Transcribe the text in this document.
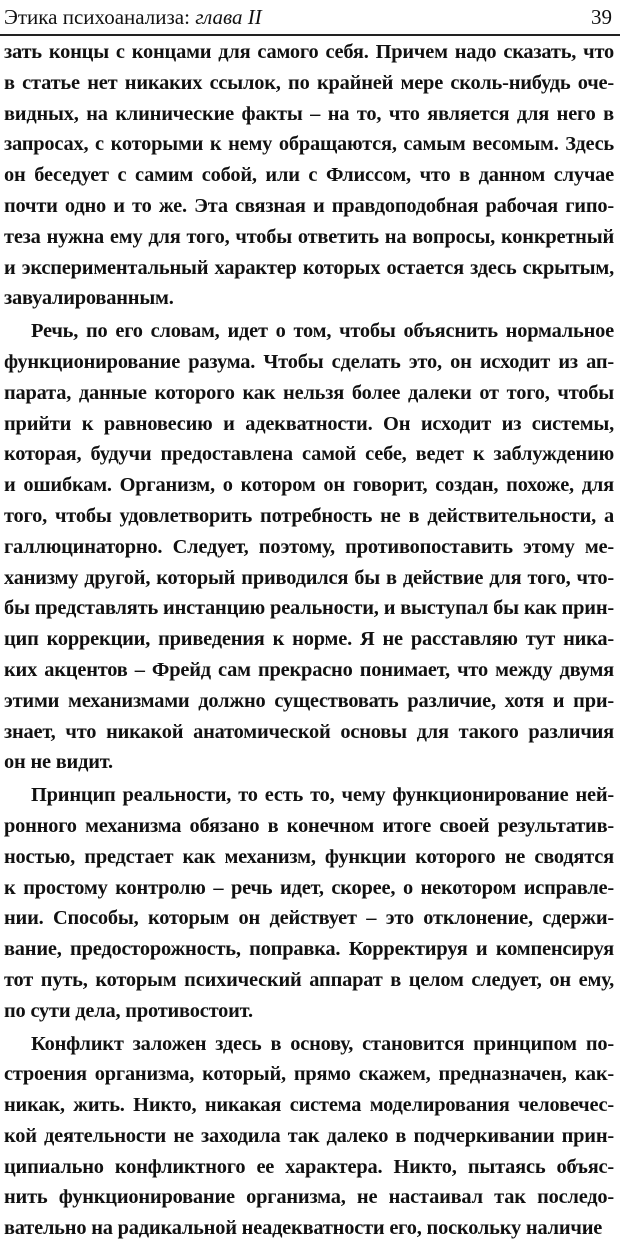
Этика психоанализа: глава II	39
зать концы с концами для самого себя. Причем надо сказать, что
в статье нет никаких ссылок, по крайней мере сколь-нибудь оче-
видных, на клинические факты – на то, что является для него в
запросах, с которыми к нему обращаются, самым весомым. Здесь
он беседует с самим собой, или с Флиссом, что в данном случае
почти одно и то же. Эта связная и правдоподобная рабочая гипо-
теза нужна ему для того, чтобы ответить на вопросы, конкретный
и экспериментальный характер которых остается здесь скрытым,
завуалированным.
Речь, по его словам, идет о том, чтобы объяснить нормальное
функционирование разума. Чтобы сделать это, он исходит из ап-
парата, данные которого как нельзя более далеки от того, чтобы
прийти к равновесию и адекватности. Он исходит из системы,
которая, будучи предоставлена самой себе, ведет к заблуждению
и ошибкам. Организм, о котором он говорит, создан, похоже, для
того, чтобы удовлетворить потребность не в действительности, а
галлюцинаторно. Следует, поэтому, противопоставить этому ме-
ханизму другой, который приводился бы в действие для того, что-
бы представлять инстанцию реальности, и выступал бы как прин-
цип коррекции, приведения к норме. Я не расставляю тут ника-
ких акцентов – Фрейд сам прекрасно понимает, что между двумя
этими механизмами должно существовать различие, хотя и при-
знает, что никакой анатомической основы для такого различия
он не видит.
Принцип реальности, то есть то, чему функционирование ней-
ронного механизма обязано в конечном итоге своей результатив-
ностью, предстает как механизм, функции которого не сводятся
к простому контролю – речь идет, скорее, о некотором исправле-
нии. Способы, которым он действует – это отклонение, сдержи-
вание, предосторожность, поправка. Корректируя и компенсируя
тот путь, которым психический аппарат в целом следует, он ему,
по сути дела, противостоит.
Конфликт заложен здесь в основу, становится принципом по-
строения организма, который, прямо скажем, предназначен, как-
никак, жить. Никто, никакая система моделирования человечес-
кой деятельности не заходила так далеко в подчеркивании прин-
ципиально конфликтного ее характера. Никто, пытаясь объяс-
нить функционирование организма, не настаивал так последо-
вательно на радикальной неадекватности его, поскольку наличие
